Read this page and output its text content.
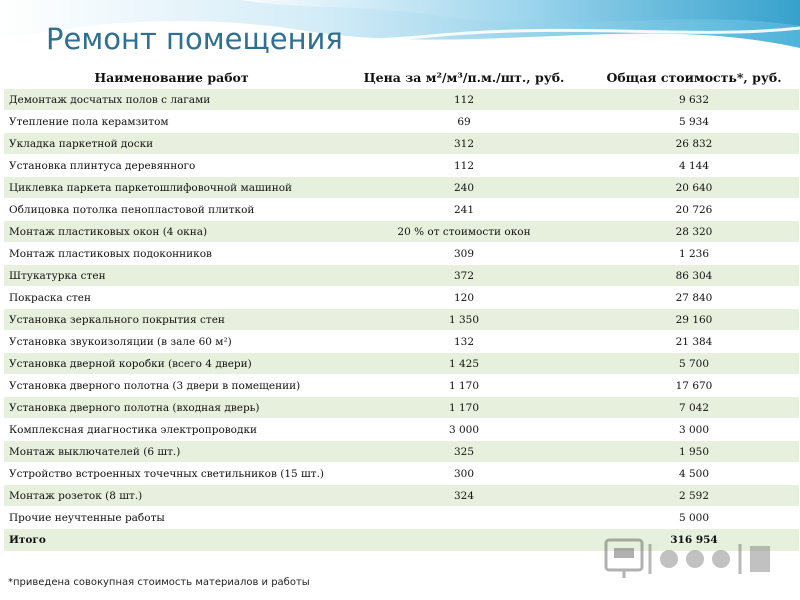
Ремонт помещения
Наименование работ	Цена за м²/м³/п.м./шт., руб.	Общая стоимость*, руб.
Демонтаж досчатых полов с лагами	112	9 632
Утепление пола керамзитом	69	5 934
Укладка паркетной доски	312	26 832
Установка плинтуса деревянного	112	4 144
Циклевка паркета паркетошлифовочной машиной	240	20 640
Облицовка потолка пенопластовой плиткой	241	20 726
Монтаж пластиковых окон (4 окна)	20 % от стоимости окон	28 320
Монтаж пластиковых подоконников	309	1 236
Штукатурка стен	372	86 304
Покраска стен	120	27 840
Установка зеркального покрытия стен	1 350	29 160
Установка звукоизоляции (в зале 60 м²)	132	21 384
Установка дверной коробки (всего 4 двери)	1 425	5 700
Установка дверного полотна (3 двери в помещении)	1 170	17 670
Установка дверного полотна (входная дверь)	1 170	7 042
Комплексная диагностика электропроводки	3 000	3 000
Монтаж выключателей (6 шт.)	325	1 950
Устройство встроенных точечных светильников (15 шт.)	300	4 500
Монтаж розеток (8 шт.)	324	2 592
Прочие неучтенные работы		5 000
Итого		316 954
*приведена совокупная стоимость материалов и работы
